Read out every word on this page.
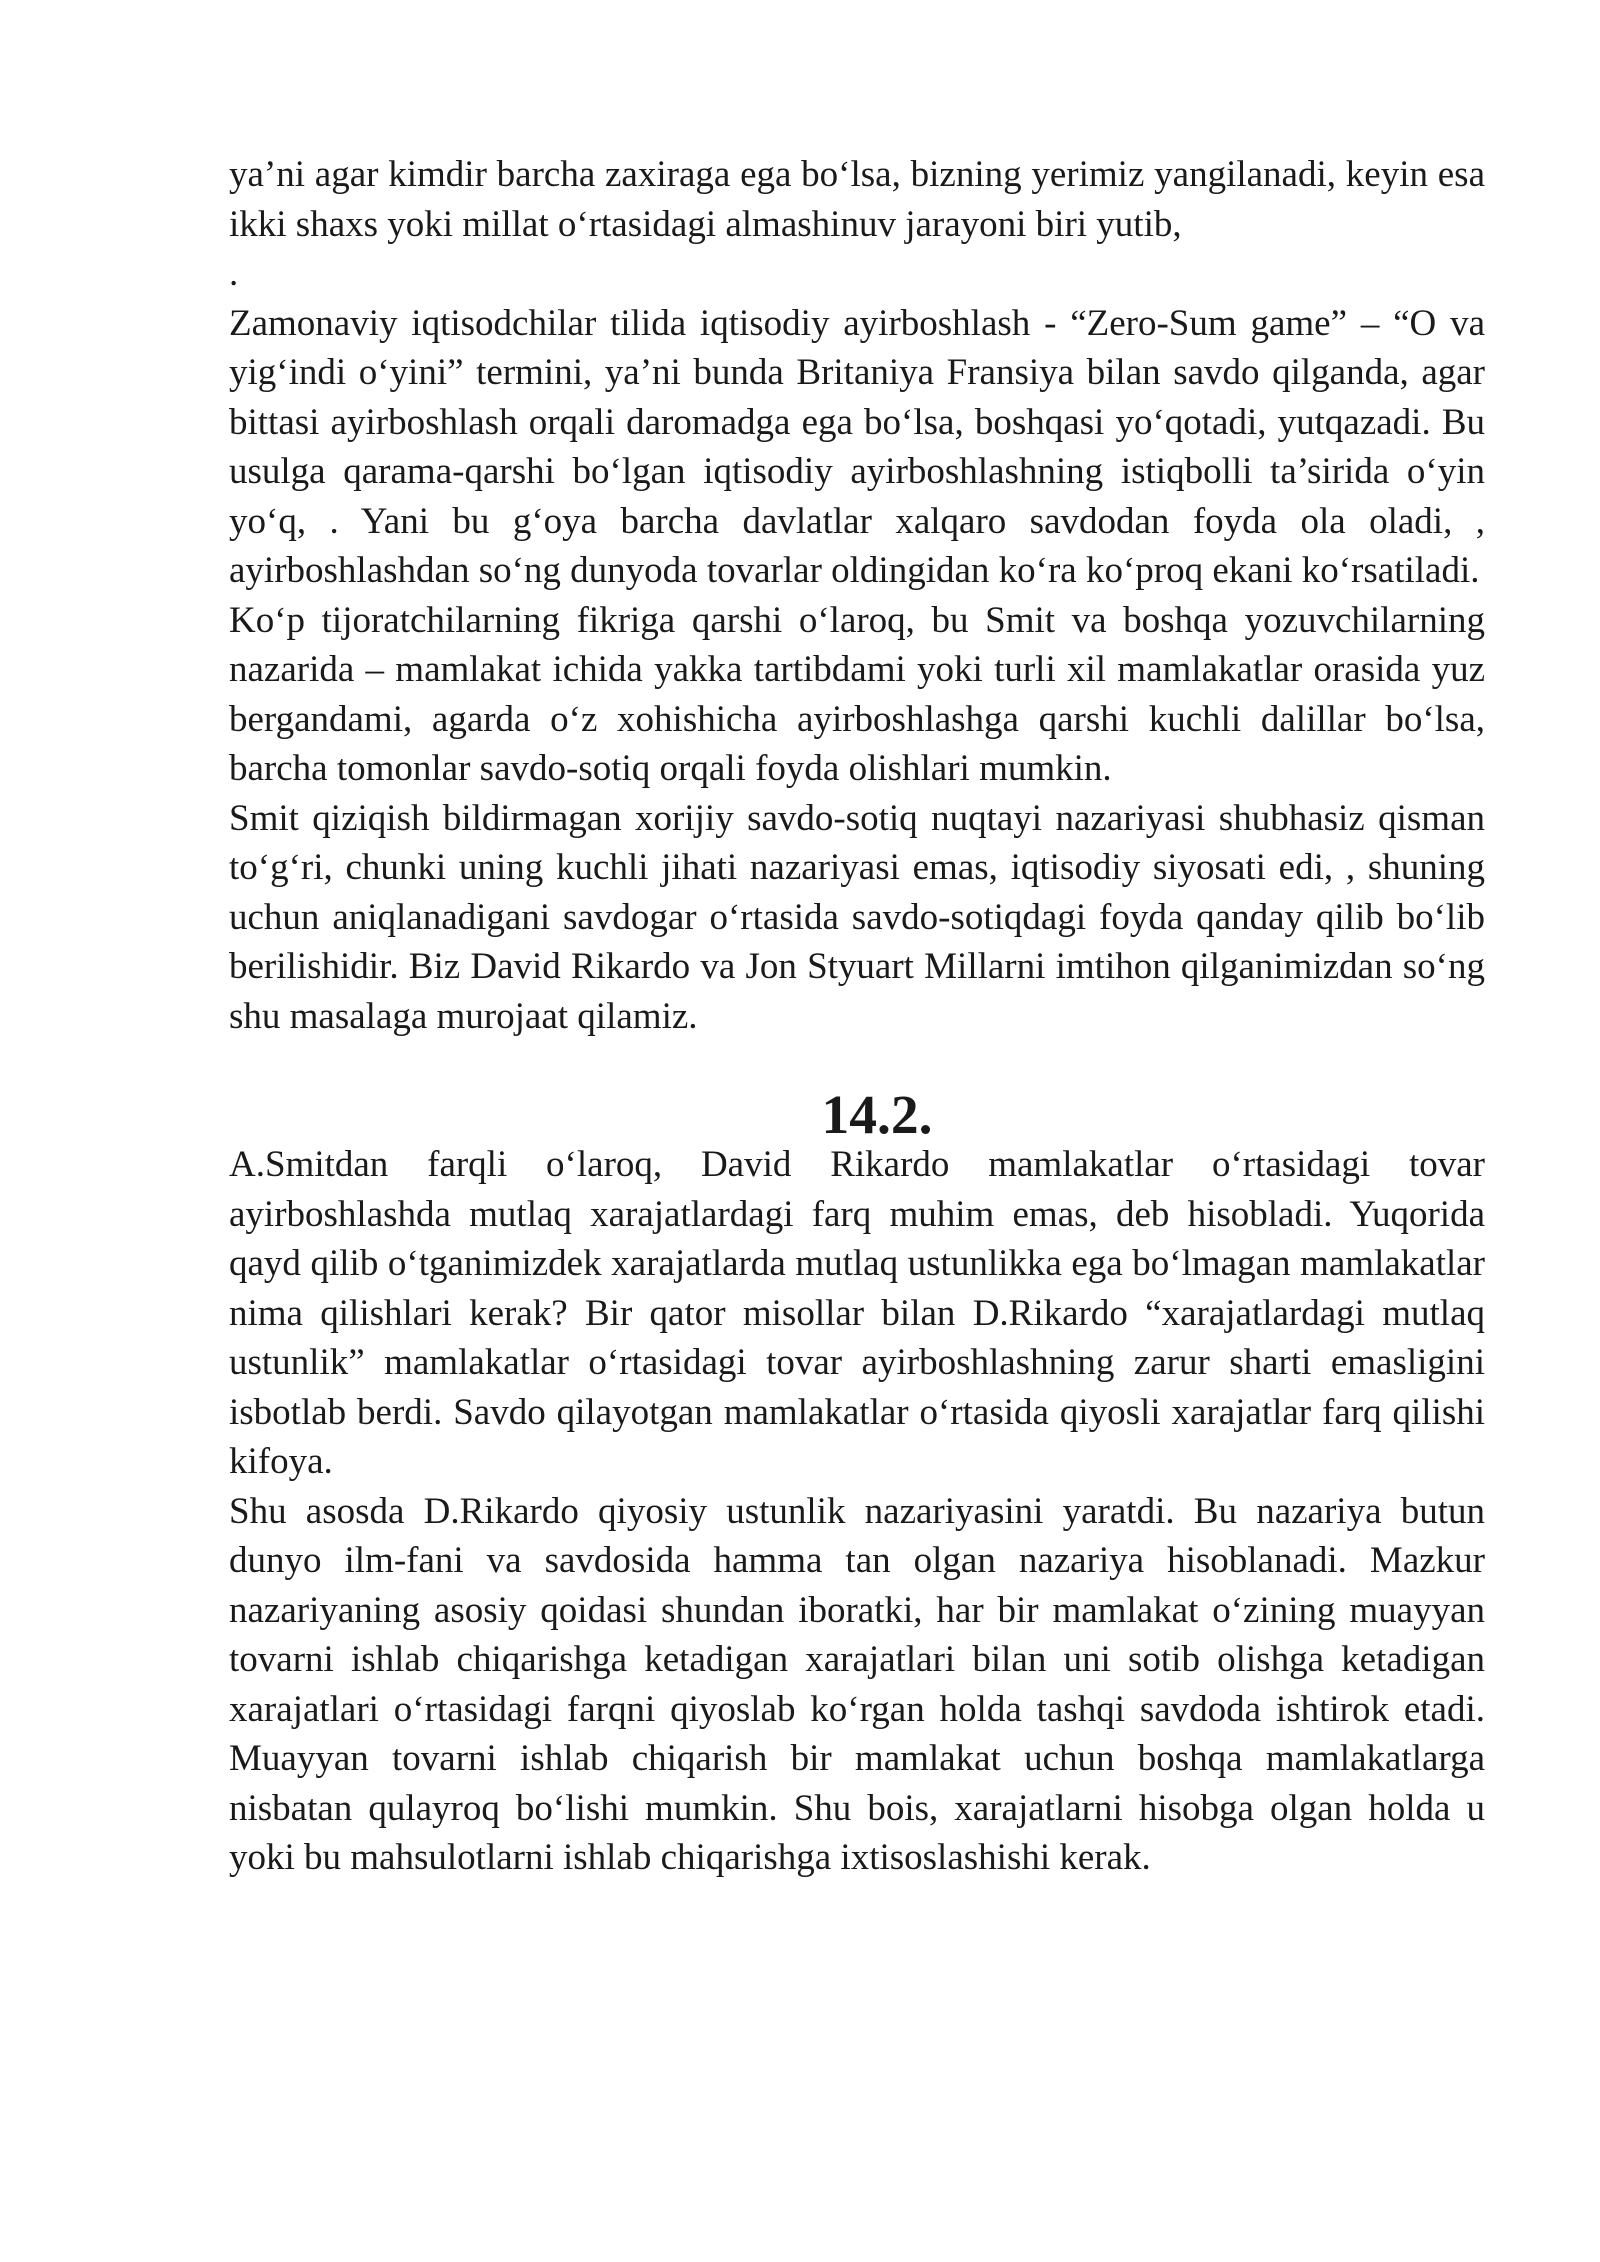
ya’ni agar kimdir barcha zaxiraga ega bo‘lsa, bizning yerimiz yangilanadi, keyin esa ikki shaxs yoki millat o‘rtasidagi almashinuv jarayoni biri yutib,

.

Zamonaviy iqtisodchilar tilida iqtisodiy ayirboshlash - “Zero-Sum game” – “O va yig‘indi o‘yini” termini, ya’ni bunda Britaniya Fransiya bilan savdo qilganda, agar bittasi ayirboshlash orqali daromadga ega bo‘lsa, boshqasi yo‘qotadi, yutqazadi. Bu usulga qarama-qarshi bo‘lgan iqtisodiy ayirboshlashning istiqbolli ta’sirida o‘yin yo‘q, . Yani bu g‘oya barcha davlatlar xalqaro savdodan foyda ola oladi, , ayirboshlashdan so‘ng dunyoda tovarlar oldingidan ko‘ra ko‘proq ekani ko‘rsatiladi.

Ko‘p tijoratchilarning fikriga qarshi o‘laroq, bu Smit va boshqa yozuvchilarning nazarida – mamlakat ichida yakka tartibdami yoki turli xil mamlakatlar orasida yuz bergandami, agarda o‘z xohishicha ayirboshlashga qarshi kuchli dalillar bo‘lsa, barcha tomonlar savdo-sotiq orqali foyda olishlari mumkin.

Smit qiziqish bildirmagan xorijiy savdo-sotiq nuqtayi nazariyasi shubhasiz qisman to‘g‘ri, chunki uning kuchli jihati nazariyasi emas, iqtisodiy siyosati edi, , shuning uchun aniqlanadigani savdogar o‘rtasida savdo-sotiqdagi foyda qanday qilib bo‘lib berilishidir. Biz David Rikardo va Jon Styuart Millarni imtihon qilganimizdan so‘ng shu masalaga murojaat qilamiz.

14.2.

A.Smitdan farqli o‘laroq, David Rikardo mamlakatlar o‘rtasidagi tovar ayirboshlashda mutlaq xarajatlardagi farq muhim emas, deb hisobladi. Yuqorida qayd qilib o‘tganimizdek xarajatlarda mutlaq ustunlikka ega bo‘lmagan mamlakatlar nima qilishlari kerak? Bir qator misollar bilan D.Rikardo “xarajatlardagi mutlaq ustunlik” mamlakatlar o‘rtasidagi tovar ayirboshlashning zarur sharti emasligini isbotlab berdi. Savdo qilayotgan mamlakatlar o‘rtasida qiyosli xarajatlar farq qilishi kifoya.

Shu asosda D.Rikardo qiyosiy ustunlik nazariyasini yaratdi. Bu nazariya butun dunyo ilm-fani va savdosida hamma tan olgan nazariya hisoblanadi. Mazkur nazariyaning asosiy qoidasi shundan iboratki, har bir mamlakat o‘zining muayyan tovarni ishlab chiqarishga ketadigan xarajatlari bilan uni sotib olishga ketadigan xarajatlari o‘rtasidagi farqni qiyoslab ko‘rgan holda tashqi savdoda ishtirok etadi. Muayyan tovarni ishlab chiqarish bir mamlakat uchun boshqa mamlakatlarga nisbatan qulayroq bo‘lishi mumkin. Shu bois, xarajatlarni hisobga olgan holda u yoki bu mahsulotlarni ishlab chiqarishga ixtisoslashishi kerak.
